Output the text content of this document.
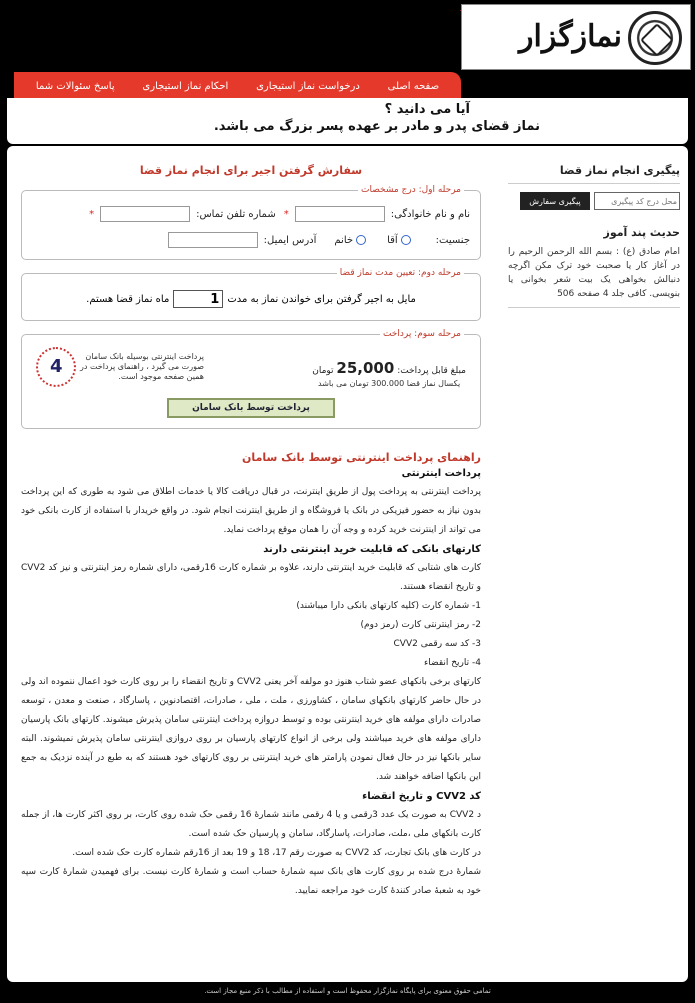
نمازگزار
صفحه اصلی
درخواست نماز استیجاری
احکام نماز استیجاری
پاسخ سئوالات شما
آیا می دانید ؟
نماز قضای پدر و مادر بر عهده پسر بزرگ می باشد.
پیگیری انجام نماز قضا
محل درج کد پیگیری
پیگیری سفارش
حدیث پند آموز
امام صادق (ع) : بسم الله الرحمن الرحیم را در آغاز کار یا صحبت خود ترک مکن اگرچه دنبالش بخواهی یک بیت شعر بخوانی یا بنویسی. کافی جلد 4 صفحه 506
سفارش گرفتن اجیر برای انجام نماز قضا
مرحله اول: درج مشخصات
نام و نام خانوادگی:
*
شماره تلفن تماس:
*
جنسیت:
آقا
خانم
آدرس ایمیل:
مرحله دوم: تعیین مدت نماز قضا
مایل به اجیر گرفتن برای خواندن نماز به مدت
1
ماه نماز قضا هستم.
مرحله سوم: پرداخت
مبلغ قابل پرداخت: 25,000 تومان
یکسال نماز قضا 300.000 تومان می باشد
پرداخت اینترنتی بوسیله بانک سامان صورت می گیرد ، راهنمای پرداخت در همین صفحه موجود است.
4
پرداخت توسط بانک سامان
راهنمای پرداخت اینترنتی توسط بانک سامان
پرداخت اینترنتی

پرداخت اینترنتی به پرداخت پول از طریق اینترنت، در قبال دریافت کالا یا خدمات اطلاق می شود به طوری که این پرداخت بدون نیاز به حضور فیزیکی در بانک یا فروشگاه و از طریق اینترنت انجام شود. در واقع خریدار با استفاده از کارت بانکی خود می تواند از اینترنت خرید کرده و وجه آن را همان موقع پرداخت نماید.

کارتهای بانکی که قابلیت خرید اینترنتی دارند

کارت های شتابی که قابلیت خرید اینترنتی دارند، علاوه بر شماره کارت 16رقمی، دارای شماره رمز اینترنتی و نیز کد CVV2 و تاریخ انقضاء هستند.

1- شماره کارت (کلیه کارتهای بانکی دارا میباشند)

2- رمز اینترنتی کارت (رمز دوم)

3- کد سه رقمی CVV2

4- تاریخ انقضاء

کارتهای برخی بانکهای عضو شتاب هنوز دو مولفه آخر یعنی CVV2 و تاریخ انقضاء را بر روی کارت خود اعمال ننموده اند ولی در حال حاضر کارتهای بانکهای سامان ، کشاورزی ، ملت ، ملی ، صادرات، اقتصادنوین ، پاسارگاد ، صنعت و معدن ، توسعه صادرات دارای مولفه های خرید اینترنتی بوده و توسط دروازه پرداخت اینترنتی سامان پذیرش میشوند. کارتهای بانک پارسیان دارای مولفه های خرید میباشند ولی برخی از انواع کارتهای پارسیان بر روی دروازی اینترنتی سامان پذیرش نمیشوند. البته سایر بانکها نیز در حال فعال نمودن پارامتر های خرید اینترنتی بر روی کارتهای خود هستند که به طبع در آینده نزدیک به جمع این بانکها اضافه خواهند شد.

کد CVV2 و تاریخ انقضاء

د CVV2 به صورت یک عدد 3رقمی و یا 4 رقمی مانند شمارهٔ 16 رقمی حک شده روی کارت، بر روی اکثر کارت ها، از جمله کارت بانکهای ملی ،ملت، صادرات، پاسارگاد، سامان و پارسیان حک شده است.

در کارت های بانک تجارت، کد CVV2 به صورت رقم 17، 18 و 19 بعد از 16رقم شماره کارت حک شده است.

شمارهٔ درج شده بر روی کارت های بانک سپه شمارهٔ حساب است و شمارهٔ کارت نیست. برای فهمیدن شمارهٔ کارت سپه خود به شعبهٔ صادر کنندهٔ کارت خود مراجعه نمایید.

تمامی حقوق معنوی برای پایگاه نمازگزار محفوظ است و استفاده از مطالب با ذکر منبع مجاز است.
